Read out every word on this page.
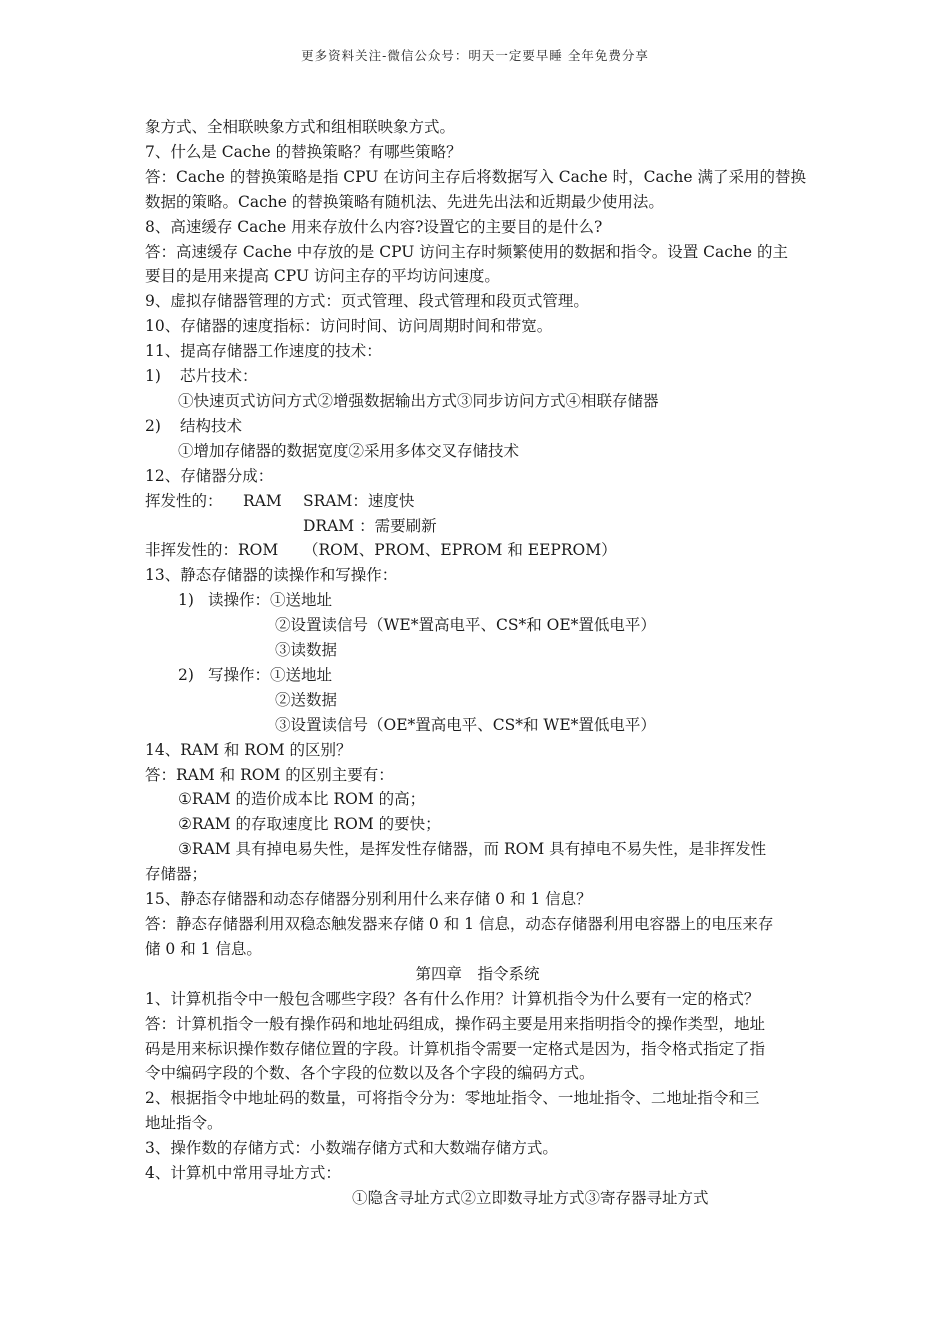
更多资料关注-微信公众号：明天一定要早睡 全年免费分享
象方式、全相联映象方式和组相联映象方式。
7、什么是 Cache 的替换策略？有哪些策略？
答：Cache 的替换策略是指 CPU 在访问主存后将数据写入 Cache 时，Cache 满了采用的替换
数据的策略。Cache 的替换策略有随机法、先进先出法和近期最少使用法。
8、高速缓存 Cache 用来存放什么内容?设置它的主要目的是什么?
答：高速缓存 Cache 中存放的是 CPU 访问主存时频繁使用的数据和指令。设置 Cache 的主
要目的是用来提高 CPU 访问主存的平均访问速度。
9、虚拟存储器管理的方式：页式管理、段式管理和段页式管理。
10、存储器的速度指标：访问时间、访问周期时间和带宽。
11、提高存储器工作速度的技术：
1) 芯片技术：
①快速页式访问方式②增强数据输出方式③同步访问方式④相联存储器
2) 结构技术
①增加存储器的数据宽度②采用多体交叉存储技术
12、存储器分成：
挥发性的： RAM SRAM：速度快
DRAM ：需要刷新
非挥发性的：ROM （ROM、PROM、EPROM 和 EEPROM）
13、静态存储器的读操作和写操作：
1) 读操作：①送地址
②设置读信号（WE*置高电平、CS*和 OE*置低电平）
③读数据
2) 写操作：①送地址
②送数据
③设置读信号（OE*置高电平、CS*和 WE*置低电平）
14、RAM 和 ROM 的区别？
答：RAM 和 ROM 的区别主要有：
①RAM 的造价成本比 ROM 的高；
②RAM 的存取速度比 ROM 的要快；
③RAM 具有掉电易失性，是挥发性存储器，而 ROM 具有掉电不易失性，是非挥发性
存储器；
15、静态存储器和动态存储器分别利用什么来存储 0 和 1 信息？
答：静态存储器利用双稳态触发器来存储 0 和 1 信息，动态存储器利用电容器上的电压来存
储 0 和 1 信息。
第四章　指令系统
1、计算机指令中一般包含哪些字段？各有什么作用？计算机指令为什么要有一定的格式？
答：计算机指令一般有操作码和地址码组成，操作码主要是用来指明指令的操作类型，地址
码是用来标识操作数存储位置的字段。计算机指令需要一定格式是因为，指令格式指定了指
令中编码字段的个数、各个字段的位数以及各个字段的编码方式。
2、根据指令中地址码的数量，可将指令分为：零地址指令、一地址指令、二地址指令和三
地址指令。
3、操作数的存储方式：小数端存储方式和大数端存储方式。
4、计算机中常用寻址方式：
①隐含寻址方式②立即数寻址方式③寄存器寻址方式
